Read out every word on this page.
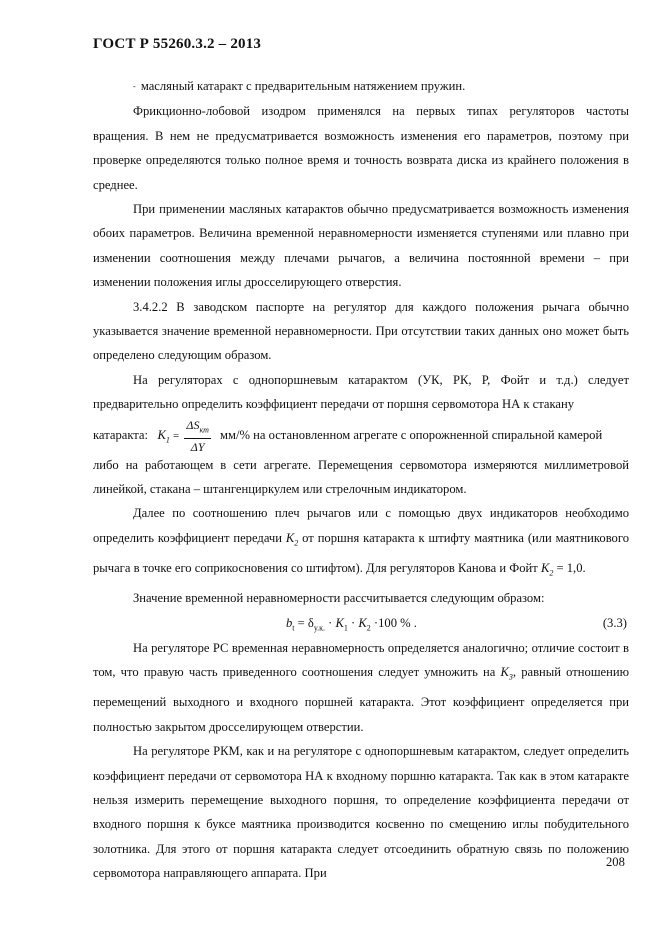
ГОСТ Р 55260.3.2 – 2013

- масляный катаракт с предварительным натяжением пружин.

Фрикционно-лобовой изодром применялся на первых типах регуляторов частоты вращения. В нем не предусматривается возможность изменения его параметров, поэтому при проверке определяются только полное время и точность возврата диска из крайнего положения в среднее.

При применении масляных катарактов обычно предусматривается возможность изменения обоих параметров. Величина временной неравномерности изменяется ступенями или плавно при изменении соотношения между плечами рычагов, а величина постоянной времени – при изменении положения иглы дросселирующего отверстия.

3.4.2.2 В заводском паспорте на регулятор для каждого положения рычага обычно указывается значение временной неравномерности. При отсутствии таких данных оно может быть определено следующим образом.

На регуляторах с однопоршневым катарактом (УК, РК, Р, Фойт и т.д.) следует предварительно определить коэффициент передачи от поршня сервомотора НА к стакану

катаракта: $K_1 = \frac{\Delta S_{кт}}{\Delta Y} мм/\%$ на остановленном агрегате с опорожненной спиральной камерой

либо на работающем в сети агрегате. Перемещения сервомотора измеряются миллиметровой линейкой, стакана – штангенциркулем или стрелочным индикатором.

Далее по соотношению плеч рычагов или с помощью двух индикаторов необходимо определить коэффициент передачи $K_2$ от поршня катаракта к штифту маятника (или маятникового рычага в точке его соприкосновения со штифтом). Для регуляторов Канова и Фойт $K_2 = 1,0$.

Значение временной неравномерности рассчитывается следующим образом:

$b_t = \delta_{у.к.} \cdot K_1 \cdot K_2 \cdot 100$ % .	(3.3)

На регуляторе РС временная неравномерность определяется аналогично; отличие состоит в том, что правую часть приведенного соотношения следует умножить на $K_3$, равный отношению перемещений выходного и входного поршней катаракта. Этот коэффициент определяется при полностью закрытом дросселирующем отверстии.

На регуляторе РКМ, как и на регуляторе с однопоршневым катарактом, следует определить коэффициент передачи от сервомотора НА к входному поршню катаракта. Так как в этом катаракте нельзя измерить перемещение выходного поршня, то определение коэффициента передачи от входного поршня к буксе маятника производится косвенно по смещению иглы побудительного золотника. Для этого от поршня катаракта следует отсоединить обратную связь по положению сервомотора направляющего аппарата. При

208
